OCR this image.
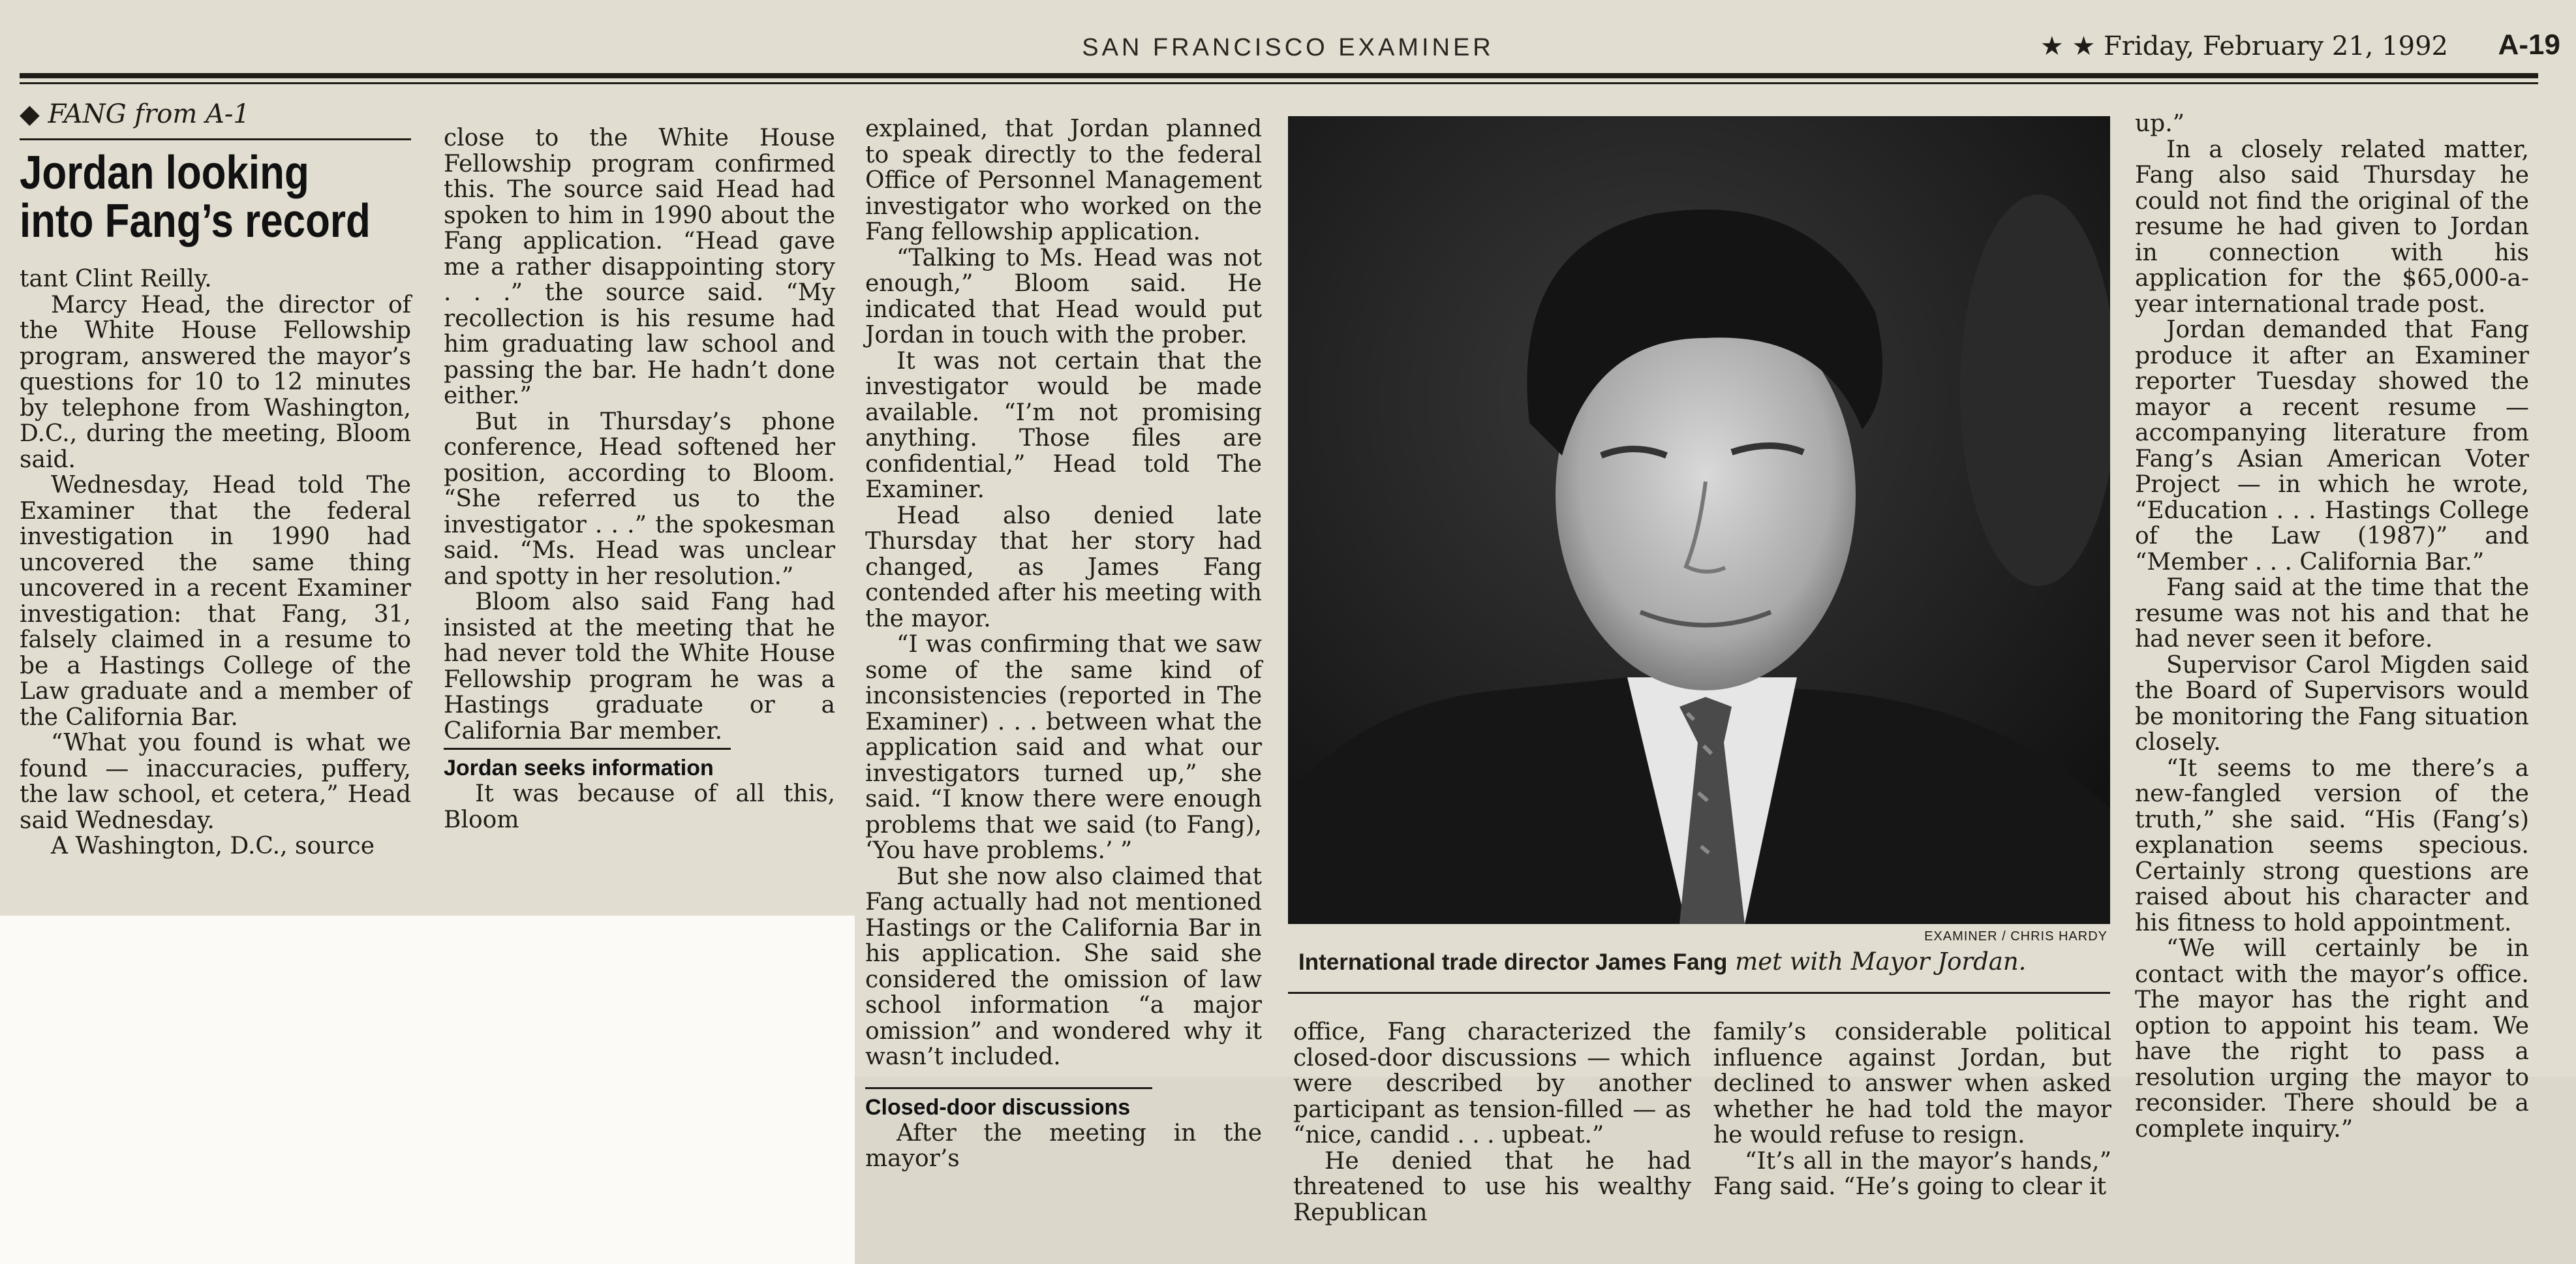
SAN FRANCISCO EXAMINER	★ ★ Friday, February 21, 1992 A-19
◆ FANG from A-1
Jordan looking into Fang’s record

tant Clint Reilly.

Marcy Head, the director of the White House Fellowship program, answered the mayor’s questions for 10 to 12 minutes by telephone from Washington, D.C., during the meeting, Bloom said.

Wednesday, Head told The Examiner that the federal investigation in 1990 had uncovered the same thing uncovered in a recent Examiner investigation: that Fang, 31, falsely claimed in a resume to be a Hastings College of the Law graduate and a member of the California Bar.

“What you found is what we found — inaccuracies, puffery, the law school, et cetera,” Head said Wednesday.

A Washington, D.C., source

close to the White House Fellowship program confirmed this. The source said Head had spoken to him in 1990 about the Fang application. “Head gave me a rather disappointing story . . .” the source said. “My recollection is his resume had him graduating law school and passing the bar. He hadn’t done either.”

But in Thursday’s phone conference, Head softened her position, according to Bloom. “She referred us to the investigator . . .” the spokesman said. “Ms. Head was unclear and spotty in her resolution.”

Bloom also said Fang had insisted at the meeting that he had never told the White House Fellowship program he was a Hastings graduate or a California Bar member.

Jordan seeks information

It was because of all this, Bloom

explained, that Jordan planned to speak directly to the federal Office of Personnel Management investigator who worked on the Fang fellowship application.

“Talking to Ms. Head was not enough,” Bloom said. He indicated that Head would put Jordan in touch with the prober.

It was not certain that the investigator would be made available. “I’m not promising anything. Those files are confidential,” Head told The Examiner.

Head also denied late Thursday that her story had changed, as James Fang contended after his meeting with the mayor.

“I was confirming that we saw some of the same kind of inconsistencies (reported in The Examiner) . . . between what the application said and what our investigators turned up,” she said. “I know there were enough problems that we said (to Fang), ‘You have problems.’ ”

But she now also claimed that Fang actually had not mentioned Hastings or the California Bar in his application. She said she considered the omission of law school information “a major omission” and wondered why it wasn’t included.

Closed-door discussions

After the meeting in the mayor’s

EXAMINER / CHRIS HARDY
International trade director James Fang met with Mayor Jordan.

office, Fang characterized the closed-door discussions — which were described by another participant as tension-filled — as “nice, candid . . . upbeat.”

He denied that he had threatened to use his wealthy Republican

family’s considerable political influence against Jordan, but declined to answer when asked whether he had told the mayor he would refuse to resign.

“It’s all in the mayor’s hands,” Fang said. “He’s going to clear it

up.”

In a closely related matter, Fang also said Thursday he could not find the original of the resume he had given to Jordan in connection with his application for the $65,000-a-year international trade post.

Jordan demanded that Fang produce it after an Examiner reporter Tuesday showed the mayor a recent resume — accompanying literature from Fang’s Asian American Voter Project — in which he wrote, “Education . . . Hastings College of the Law (1987)” and “Member . . . California Bar.”

Fang said at the time that the resume was not his and that he had never seen it before.

Supervisor Carol Migden said the Board of Supervisors would be monitoring the Fang situation closely.

“It seems to me there’s a new-fangled version of the truth,” she said. “His (Fang’s) explanation seems specious. Certainly strong questions are raised about his character and his fitness to hold appointment.

“We will certainly be in contact with the mayor’s office. The mayor has the right and option to appoint his team. We have the right to pass a resolution urging the mayor to reconsider. There should be a complete inquiry.”
